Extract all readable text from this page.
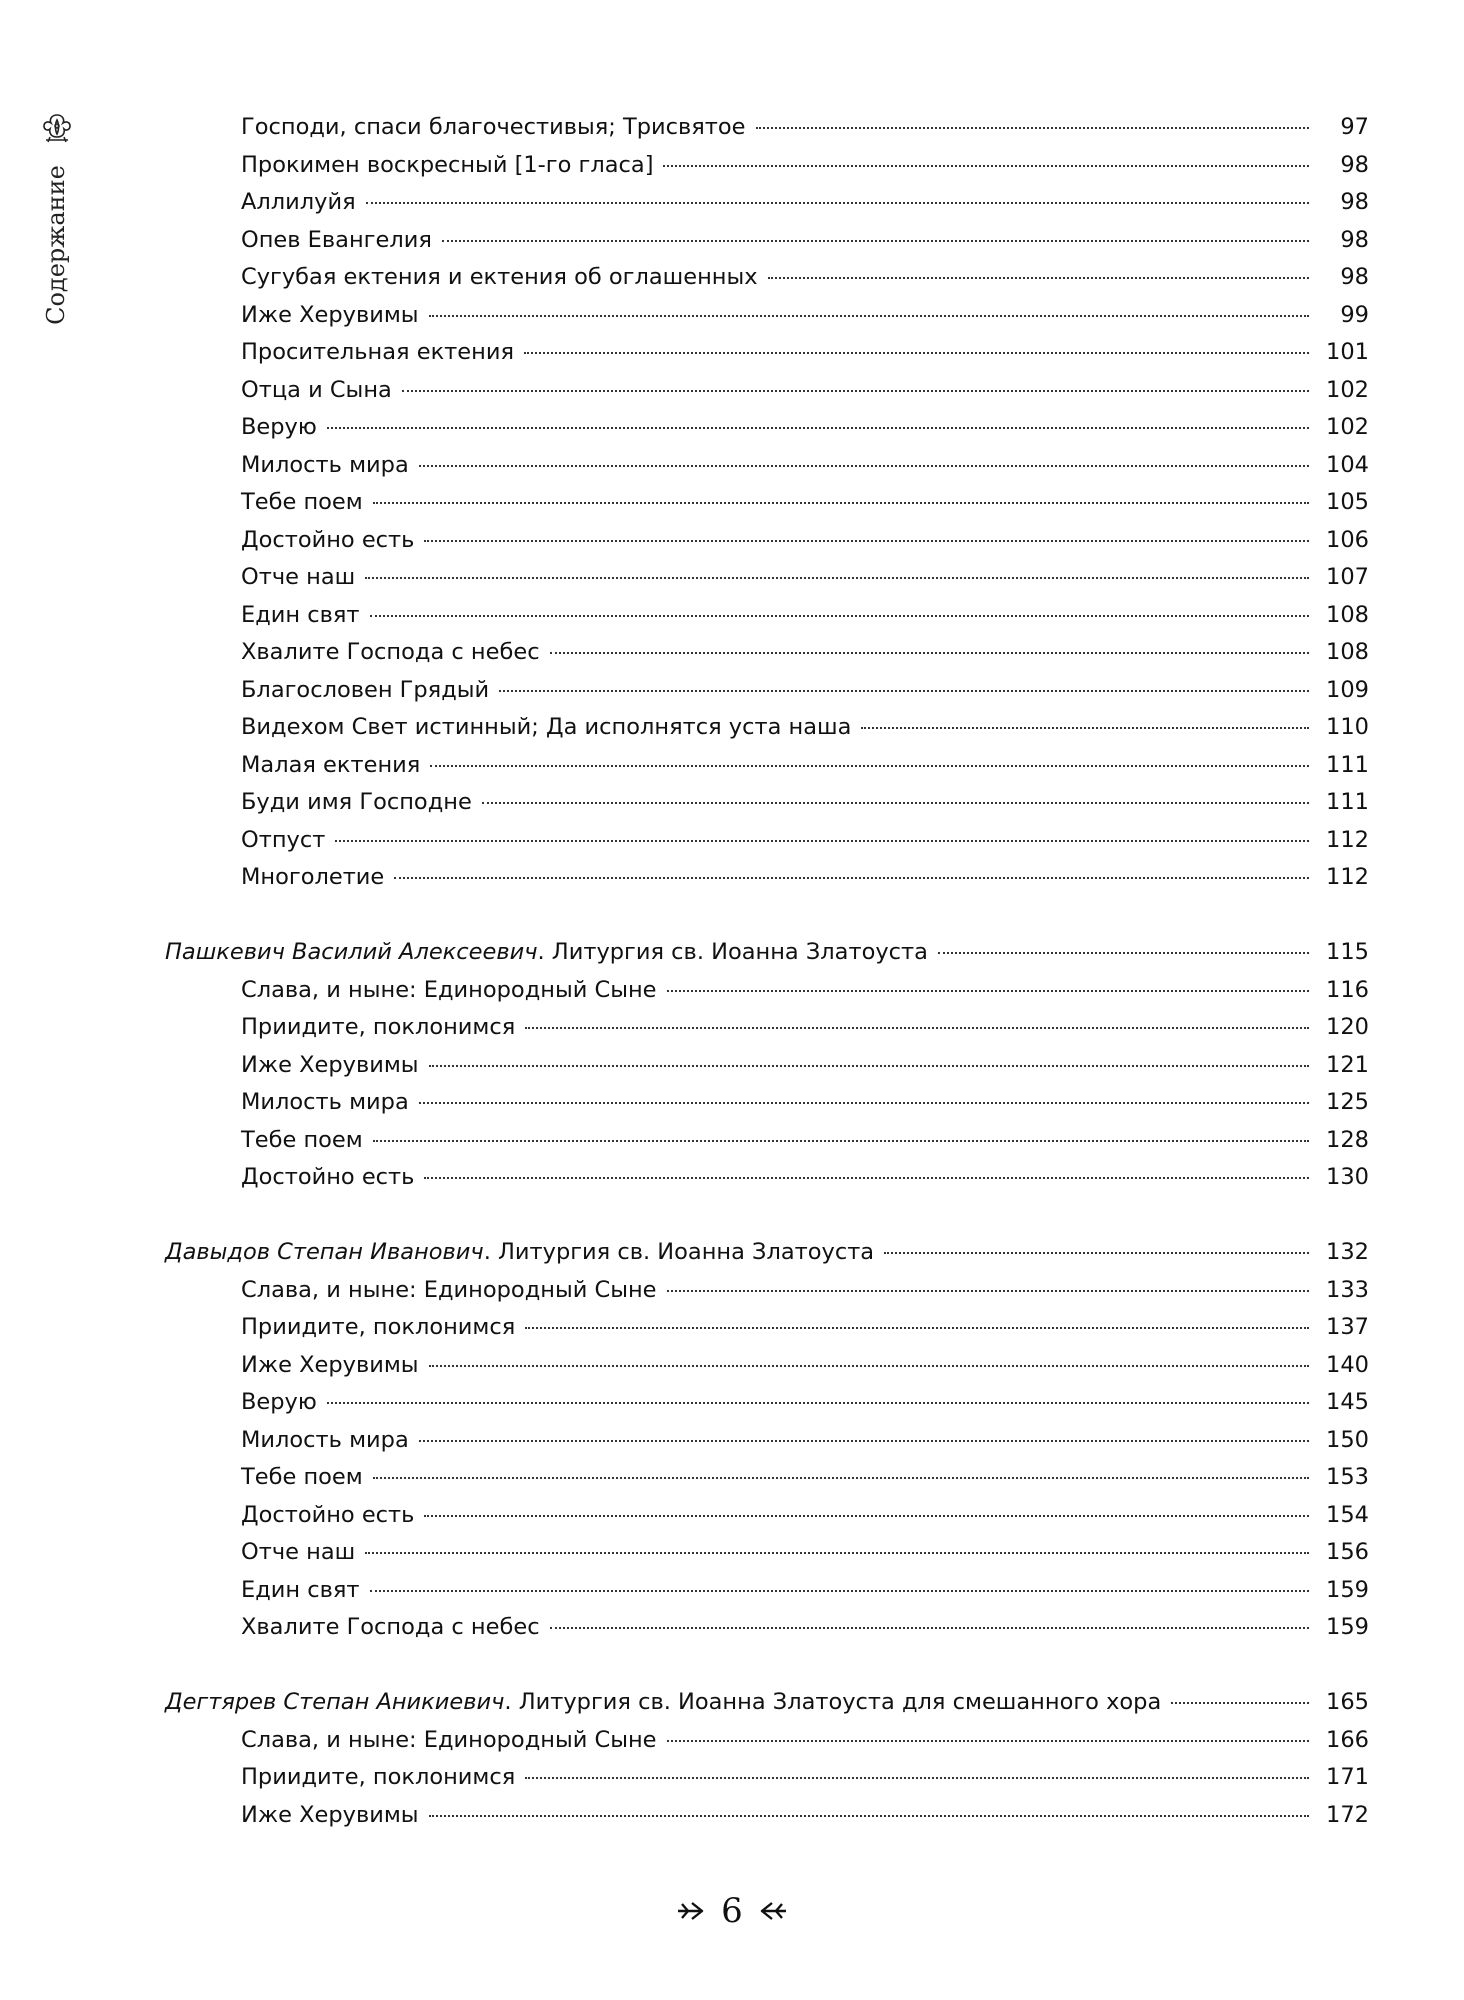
Содержание
Господи, спаси благочестивыя; Трисвятое	97
Прокимен воскресный [1-го гласа]	98
Аллилуйя	98
Опев Евангелия	98
Сугубая ектения и ектения об оглашенных	98
Иже Херувимы	99
Просительная ектения	101
Отца и Сына	102
Верую	102
Милость мира	104
Тебе поем	105
Достойно есть	106
Отче наш	107
Един свят	108
Хвалите Господа с небес	108
Благословен Грядый	109
Видехом Свет истинный; Да исполнятся уста наша	110
Малая ектения	111
Буди имя Господне	111
Отпуст	112
Многолетие	112
Пашкевич Василий Алексеевич. Литургия св. Иоанна Златоуста	115
Слава, и ныне: Единородный Сыне	116
Приидите, поклонимся	120
Иже Херувимы	121
Милость мира	125
Тебе поем	128
Достойно есть	130
Давыдов Степан Иванович. Литургия св. Иоанна Златоуста	132
Слава, и ныне: Единородный Сыне	133
Приидите, поклонимся	137
Иже Херувимы	140
Верую	145
Милость мира	150
Тебе поем	153
Достойно есть	154
Отче наш	156
Един свят	159
Хвалите Господа с небес	159
Дегтярев Степан Аникиевич. Литургия св. Иоанна Златоуста для смешанного хора	165
Слава, и ныне: Единородный Сыне	166
Приидите, поклонимся	171
Иже Херувимы	172
6
